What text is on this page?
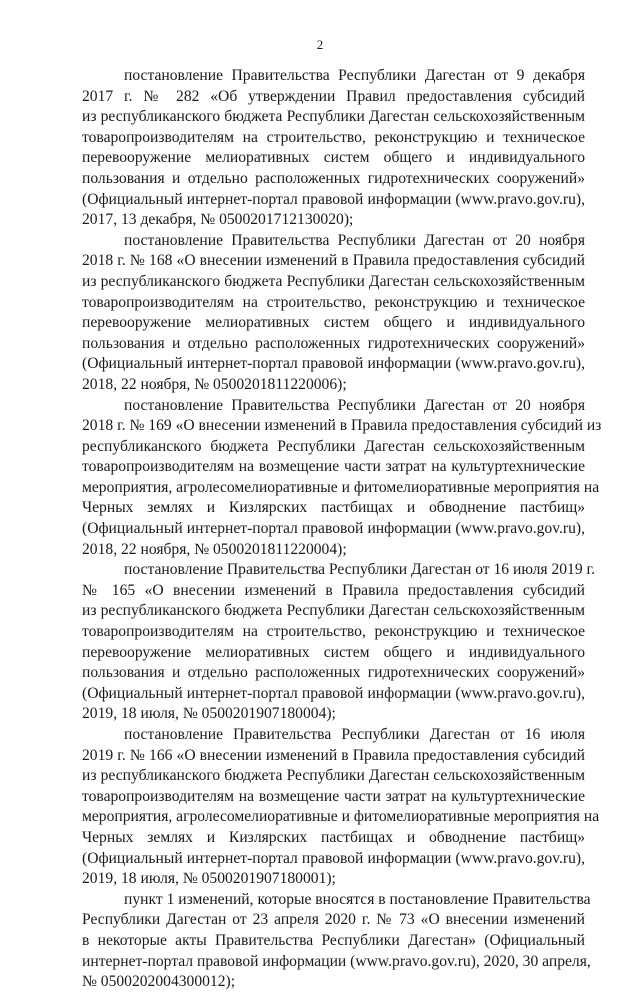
2
постановление Правительства Республики Дагестан от 9 декабря
2017 г. № 282 «Об утверждении Правил предоставления субсидий
из республиканского бюджета Республики Дагестан сельскохозяйственным
товаропроизводителям на строительство, реконструкцию и техническое
перевооружение мелиоративных систем общего и индивидуального
пользования и отдельно расположенных гидротехнических сооружений»
(Официальный интернет-портал правовой информации (www.pravo.gov.ru),
2017, 13 декабря, № 0500201712130020);
постановление Правительства Республики Дагестан от 20 ноября
2018 г. № 168 «О внесении изменений в Правила предоставления субсидий
из республиканского бюджета Республики Дагестан сельскохозяйственным
товаропроизводителям на строительство, реконструкцию и техническое
перевооружение мелиоративных систем общего и индивидуального
пользования и отдельно расположенных гидротехнических сооружений»
(Официальный интернет-портал правовой информации (www.pravo.gov.ru),
2018, 22 ноября, № 0500201811220006);
постановление Правительства Республики Дагестан от 20 ноября
2018 г. № 169 «О внесении изменений в Правила предоставления субсидий из
республиканского бюджета Республики Дагестан сельскохозяйственным
товаропроизводителям на возмещение части затрат на культуртехнические
мероприятия, агролесомелиоративные и фитомелиоративные мероприятия на
Черных землях и Кизлярских пастбищах и обводнение пастбищ»
(Официальный интернет-портал правовой информации (www.pravo.gov.ru),
2018, 22 ноября, № 0500201811220004);
постановление Правительства Республики Дагестан от 16 июля 2019 г.
№ 165 «О внесении изменений в Правила предоставления субсидий
из республиканского бюджета Республики Дагестан сельскохозяйственным
товаропроизводителям на строительство, реконструкцию и техническое
перевооружение мелиоративных систем общего и индивидуального
пользования и отдельно расположенных гидротехнических сооружений»
(Официальный интернет-портал правовой информации (www.pravo.gov.ru),
2019, 18 июля, № 0500201907180004);
постановление Правительства Республики Дагестан от 16 июля
2019 г. № 166 «О внесении изменений в Правила предоставления субсидий
из республиканского бюджета Республики Дагестан сельскохозяйственным
товаропроизводителям на возмещение части затрат на культуртехнические
мероприятия, агролесомелиоративные и фитомелиоративные мероприятия на
Черных землях и Кизлярских пастбищах и обводнение пастбищ»
(Официальный интернет-портал правовой информации (www.pravo.gov.ru),
2019, 18 июля, № 0500201907180001);
пункт 1 изменений, которые вносятся в постановление Правительства
Республики Дагестан от 23 апреля 2020 г. № 73 «О внесении изменений
в некоторые акты Правительства Республики Дагестан» (Официальный
интернет-портал правовой информации (www.pravo.gov.ru), 2020, 30 апреля,
№ 0500202004300012);
